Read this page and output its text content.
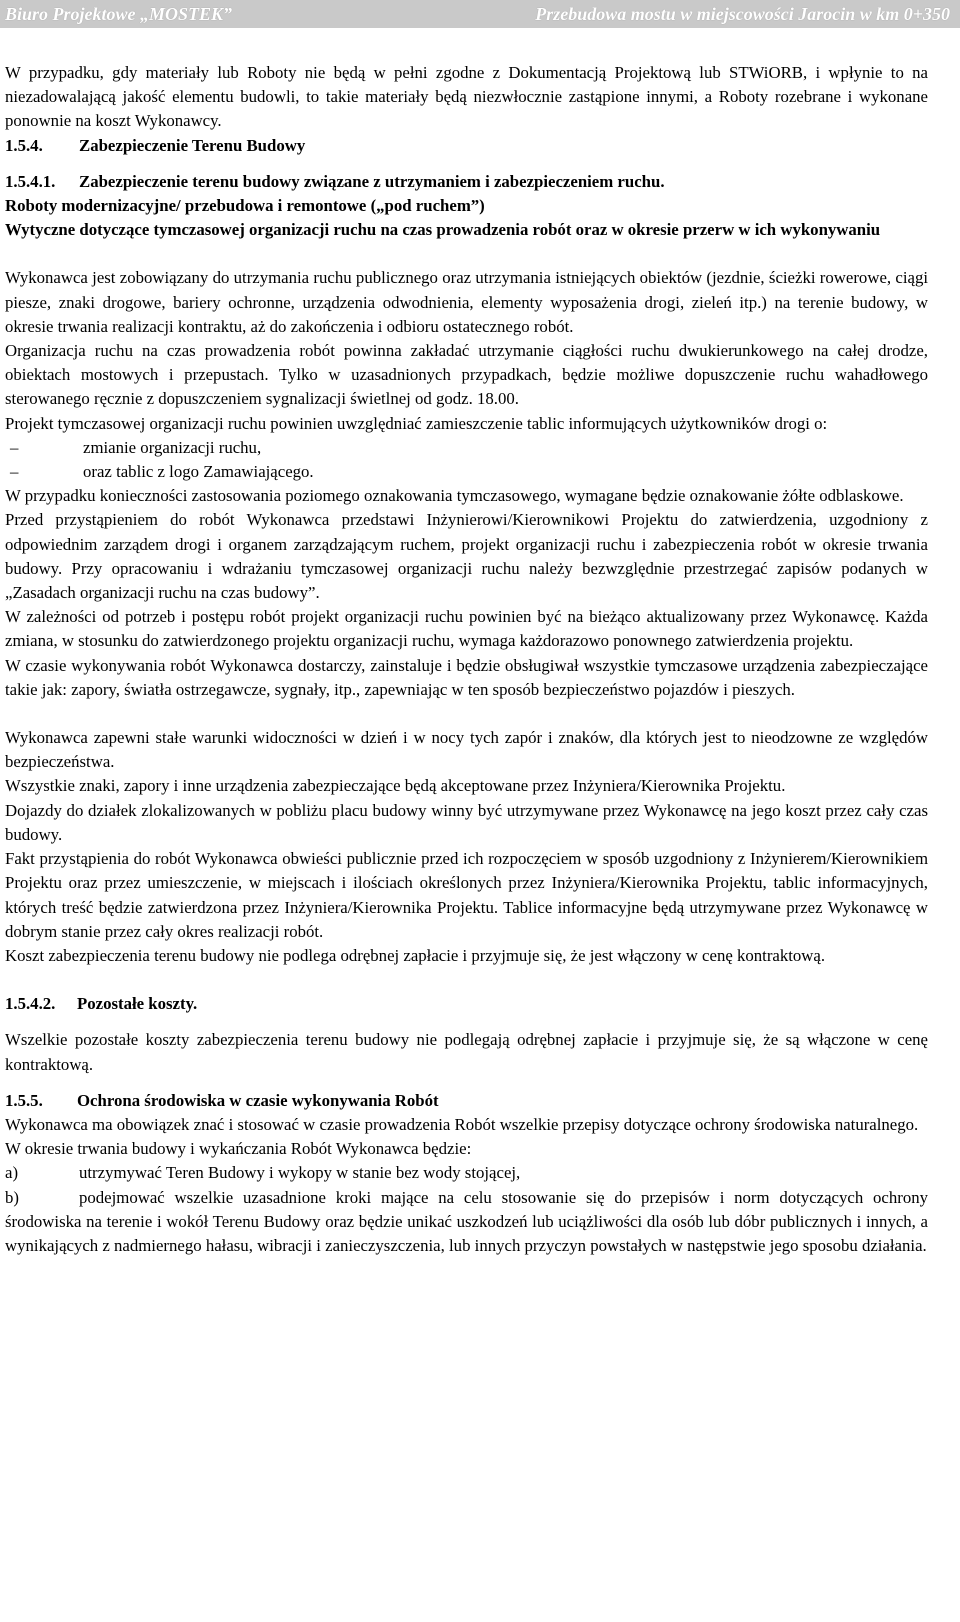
Biuro Projektowe „MOSTEK”	Przebudowa mostu w miejscowości Jarocin w km 0+350

W przypadku, gdy materiały lub Roboty nie będą w pełni zgodne z Dokumentacją Projektową lub STWiORB, i wpłynie to na niezadowalającą jakość elementu budowli, to takie materiały będą niezwłocznie zastąpione innymi, a Roboty rozebrane i wykonane ponownie na koszt Wykonawcy.

1.5.4.	Zabezpieczenie Terenu Budowy
1.5.4.1.	Zabezpieczenie terenu budowy związane z utrzymaniem i zabezpieczeniem ruchu.

Roboty modernizacyjne/ przebudowa i remontowe („pod ruchem”)

Wytyczne dotyczące tymczasowej organizacji ruchu na czas prowadzenia robót oraz w okresie przerw w ich wykonywaniu

Wykonawca jest zobowiązany do utrzymania ruchu publicznego oraz utrzymania istniejących obiektów (jezdnie, ścieżki rowerowe, ciągi piesze, znaki drogowe, bariery ochronne, urządzenia odwodnienia, elementy wyposażenia drogi, zieleń itp.) na terenie budowy, w okresie trwania realizacji kontraktu, aż do zakończenia i odbioru ostatecznego robót.

Organizacja ruchu na czas prowadzenia robót powinna zakładać utrzymanie ciągłości ruchu dwukierunkowego na całej drodze, obiektach mostowych i przepustach. Tylko w uzasadnionych przypadkach, będzie możliwe dopuszczenie ruchu wahadłowego sterowanego ręcznie z dopuszczeniem sygnalizacji świetlnej od godz. 18.00.

Projekt tymczasowej organizacji ruchu powinien uwzględniać zamieszczenie tablic informujących użytkowników drogi o:

–	zmianie organizacji ruchu,
–	oraz tablic z logo Zamawiającego.

W przypadku konieczności zastosowania poziomego oznakowania tymczasowego, wymagane będzie oznakowanie żółte odblaskowe.

Przed przystąpieniem do robót Wykonawca przedstawi Inżynierowi/Kierownikowi Projektu do zatwierdzenia, uzgodniony z odpowiednim zarządem drogi i organem zarządzającym ruchem, projekt organizacji ruchu i zabezpieczenia robót w okresie trwania budowy. Przy opracowaniu i wdrażaniu tymczasowej organizacji ruchu należy bezwzględnie przestrzegać zapisów podanych w „Zasadach organizacji ruchu na czas budowy”.

W zależności od potrzeb i postępu robót projekt organizacji ruchu powinien być na bieżąco aktualizowany przez Wykonawcę. Każda zmiana, w stosunku do zatwierdzonego projektu organizacji ruchu, wymaga każdorazowo ponownego zatwierdzenia projektu.

W czasie wykonywania robót Wykonawca dostarczy, zainstaluje i będzie obsługiwał wszystkie tymczasowe urządzenia zabezpieczające takie jak: zapory, światła ostrzegawcze, sygnały, itp., zapewniając w ten sposób bezpieczeństwo pojazdów i pieszych.

Wykonawca zapewni stałe warunki widoczności w dzień i w nocy tych zapór i znaków, dla których jest to nieodzowne ze względów bezpieczeństwa.

Wszystkie znaki, zapory i inne urządzenia zabezpieczające będą akceptowane przez Inżyniera/Kierownika Projektu.

Dojazdy do działek zlokalizowanych w pobliżu placu budowy winny być utrzymywane przez Wykonawcę na jego koszt przez cały czas budowy.

Fakt przystąpienia do robót Wykonawca obwieści publicznie przed ich rozpoczęciem w sposób uzgodniony z Inżynierem/Kierownikiem Projektu oraz przez umieszczenie, w miejscach i ilościach określonych przez Inżyniera/Kierownika Projektu, tablic informacyjnych, których treść będzie zatwierdzona przez Inżyniera/Kierownika Projektu. Tablice informacyjne będą utrzymywane przez Wykonawcę w dobrym stanie przez cały okres realizacji robót.

Koszt zabezpieczenia terenu budowy nie podlega odrębnej zapłacie i przyjmuje się, że jest włączony w cenę kontraktową.

1.5.4.2.	Pozostałe koszty.

Wszelkie pozostałe koszty zabezpieczenia terenu budowy nie podlegają odrębnej zapłacie i przyjmuje się, że są włączone w cenę kontraktową.

1.5.5.	Ochrona środowiska w czasie wykonywania Robót

Wykonawca ma obowiązek znać i stosować w czasie prowadzenia Robót wszelkie przepisy dotyczące ochrony środowiska naturalnego.

W okresie trwania budowy i wykańczania Robót Wykonawca będzie:

a)	utrzymywać Teren Budowy i wykopy w stanie bez wody stojącej,
b)	podejmować wszelkie uzasadnione kroki mające na celu stosowanie się do przepisów i norm dotyczących ochrony środowiska na terenie i wokół Terenu Budowy oraz będzie unikać uszkodzeń lub uciążliwości dla osób lub dóbr publicznych i innych, a wynikających z nadmiernego hałasu, wibracji i zanieczyszczenia, lub innych przyczyn powstałych w następstwie jego sposobu działania.
